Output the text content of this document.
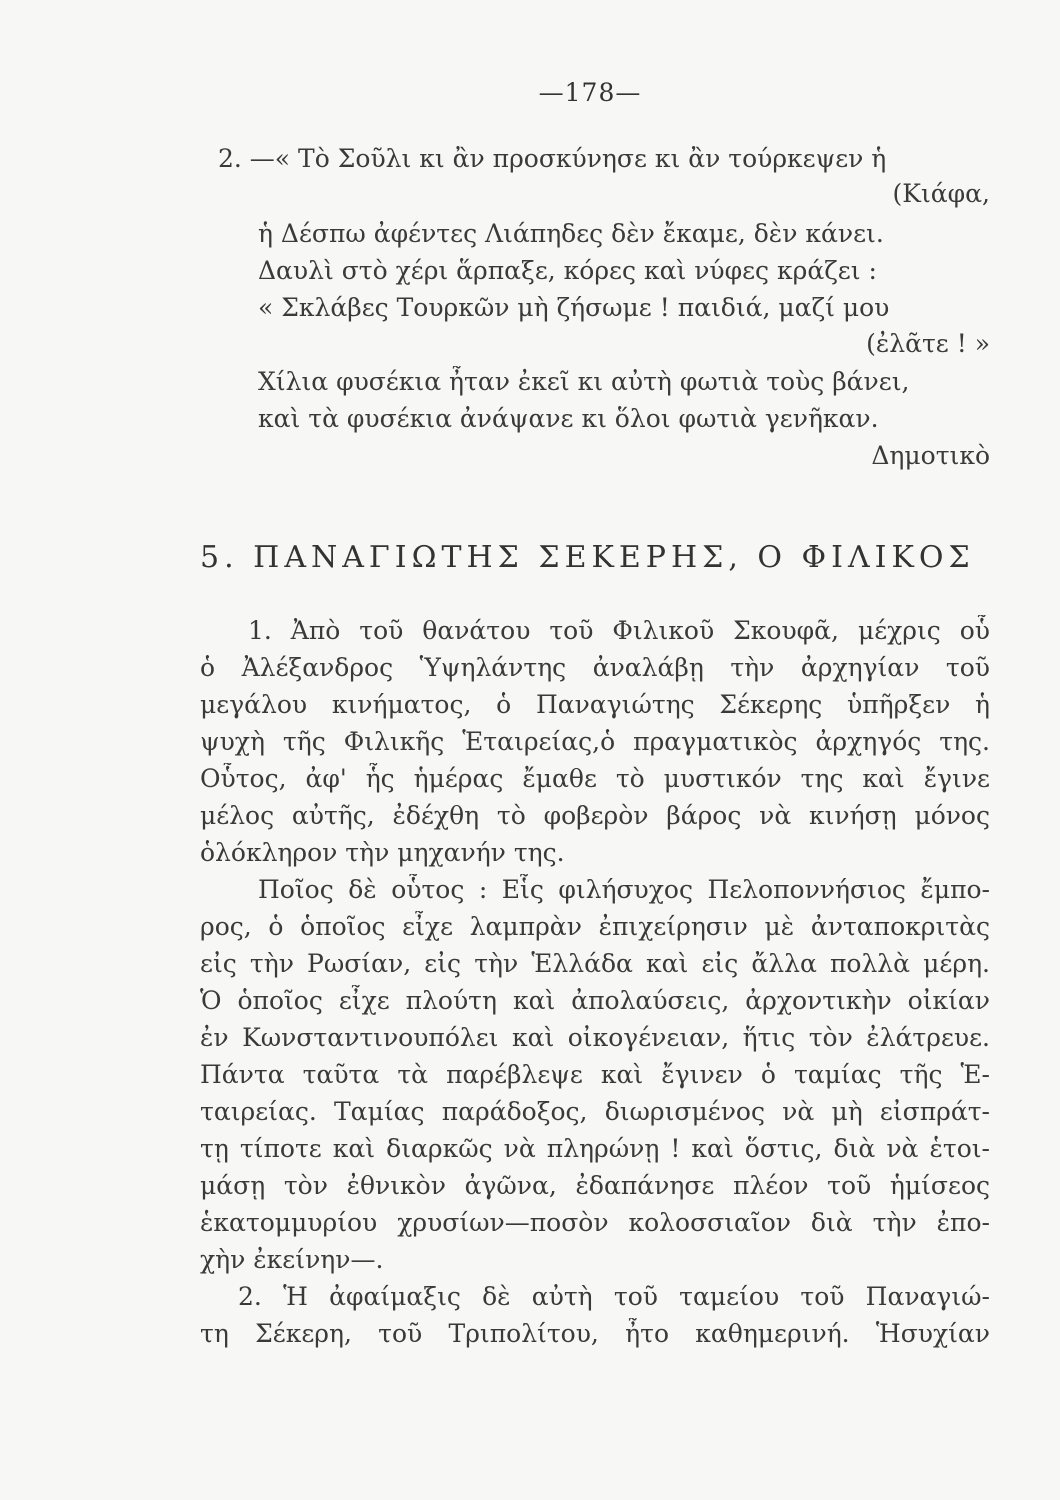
—178—
2. —« Τὸ Σοῦλι κι ἂν προσκύνησε κι ἂν τούρκεψεν ἡ
(Κιάφα,
ἡ Δέσπω ἀφέντες Λιάπηδες δὲν ἔκαμε, δὲν κάνει.
Δαυλὶ στὸ χέρι ἅρπαξε, κόρες καὶ νύφες κράζει :
« Σκλάβες Τουρκῶν μὴ ζήσωμε ! παιδιά, μαζί μου
(ἐλᾶτε ! »
Χίλια φυσέκια ἦταν ἐκεῖ κι αὐτὴ φωτιὰ τοὺς βάνει,
καὶ τὰ φυσέκια ἀνάψανε κι ὅλοι φωτιὰ γενῆκαν.
Δημοτικὸ
5. ΠΑΝΑΓΙΩΤΗΣ ΣΕΚΕΡΗΣ, Ο ΦΙΛΙΚΟΣ
1. Ἀπὸ τοῦ θανάτου τοῦ Φιλικοῦ Σκουφᾶ, μέχρις οὗ
ὁ Ἀλέξανδρος Ὑψηλάντης ἀναλάβῃ τὴν ἀρχηγίαν τοῦ
μεγάλου κινήματος, ὁ Παναγιώτης Σέκερης ὑπῆρξεν ἡ
ψυχὴ τῆς Φιλικῆς Ἑταιρείας,ὁ πραγματικὸς ἀρχηγός της.
Οὗτος, ἀφ' ἧς ἡμέρας ἔμαθε τὸ μυστικόν της καὶ ἔγινε
μέλος αὐτῆς, ἐδέχθη τὸ φοβερὸν βάρος νὰ κινήσῃ μόνος
ὁλόκληρον τὴν μηχανήν της.
Ποῖος δὲ οὗτος : Εἷς φιλήσυχος Πελοποννήσιος ἔμπο-
ρος, ὁ ὁποῖος εἶχε λαμπρὰν ἐπιχείρησιν μὲ ἀνταποκριτὰς
εἰς τὴν Ρωσίαν, εἰς τὴν Ἑλλάδα καὶ εἰς ἄλλα πολλὰ μέρη.
Ὁ ὁποῖος εἶχε πλούτη καὶ ἀπολαύσεις, ἀρχοντικὴν οἰκίαν
ἐν Κωνσταντινουπόλει καὶ οἰκογένειαν, ἥτις τὸν ἐλάτρευε.
Πάντα ταῦτα τὰ παρέβλεψε καὶ ἔγινεν ὁ ταμίας τῆς Ἑ-
ταιρείας. Ταμίας παράδοξος, διωρισμένος νὰ μὴ εἰσπράτ-
τῃ τίποτε καὶ διαρκῶς νὰ πληρώνῃ ! καὶ ὅστις, διὰ νὰ ἑτοι-
μάσῃ τὸν ἐθνικὸν ἀγῶνα, ἐδαπάνησε πλέον τοῦ ἡμίσεος
ἑκατομμυρίου χρυσίων—ποσὸν κολοσσιαῖον διὰ τὴν ἐπο-
χὴν ἐκείνην—.
2. Ἡ ἀφαίμαξις δὲ αὐτὴ τοῦ ταμείου τοῦ Παναγιώ-
τη Σέκερη, τοῦ Τριπολίτου, ἦτο καθημερινή. Ἡσυχίαν
